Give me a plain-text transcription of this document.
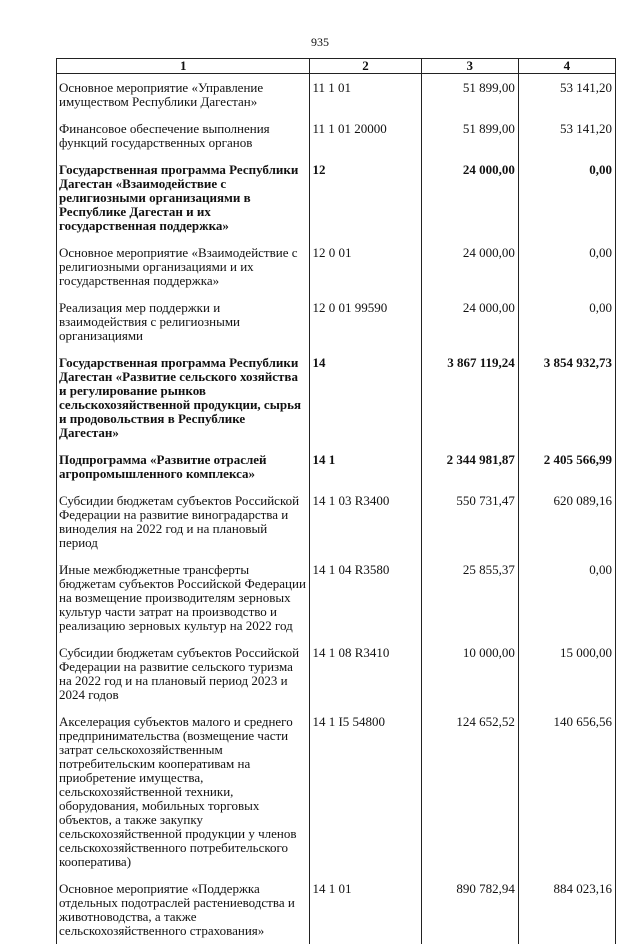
935
1	2	3	4
Основное мероприятие «Управление имуществом Республики Дагестан»	11 1 01	51 899,00	53 141,20
Финансовое обеспечение выполнения функций государственных органов	11 1 01 20000	51 899,00	53 141,20
Государственная программа Республики Дагестан «Взаимодействие с религиозными организациями в Республике Дагестан и их государственная поддержка»	12	24 000,00	0,00
Основное мероприятие «Взаимодействие с религиозными организациями и их государственная поддержка»	12 0 01	24 000,00	0,00
Реализация мер поддержки и взаимодействия с религиозными организациями	12 0 01 99590	24 000,00	0,00
Государственная программа Республики Дагестан «Развитие сельского хозяйства и регулирование рынков сельскохозяйственной продукции, сырья и продовольствия в Республике Дагестан»	14	3 867 119,24	3 854 932,73
Подпрограмма «Развитие отраслей агропромышленного комплекса»	14 1	2 344 981,87	2 405 566,99
Субсидии бюджетам субъектов Российской Федерации на развитие виноградарства и виноделия на 2022 год и на плановый период	14 1 03 R3400	550 731,47	620 089,16
Иные межбюджетные трансферты бюджетам субъектов Российской Федерации на возмещение производителям зерновых культур части затрат на производство и реализацию зерновых культур на 2022 год	14 1 04 R3580	25 855,37	0,00
Субсидии бюджетам субъектов Российской Федерации на развитие сельского туризма на 2022 год и на плановый период 2023 и 2024 годов	14 1 08 R3410	10 000,00	15 000,00
Акселерация субъектов малого и среднего предпринимательства (возмещение части затрат сельскохозяйственным потребительским кооперативам на приобретение имущества, сельскохозяйственной техники, оборудования, мобильных торговых объектов, а также закупку сельскохозяйственной продукции у членов сельскохозяйственного потребительского кооператива)	14 1 I5 54800	124 652,52	140 656,56
Основное мероприятие «Поддержка отдельных подотраслей растениеводства и животноводства, а также сельскохозяйственного страхования»	14 1 01	890 782,94	884 023,16
